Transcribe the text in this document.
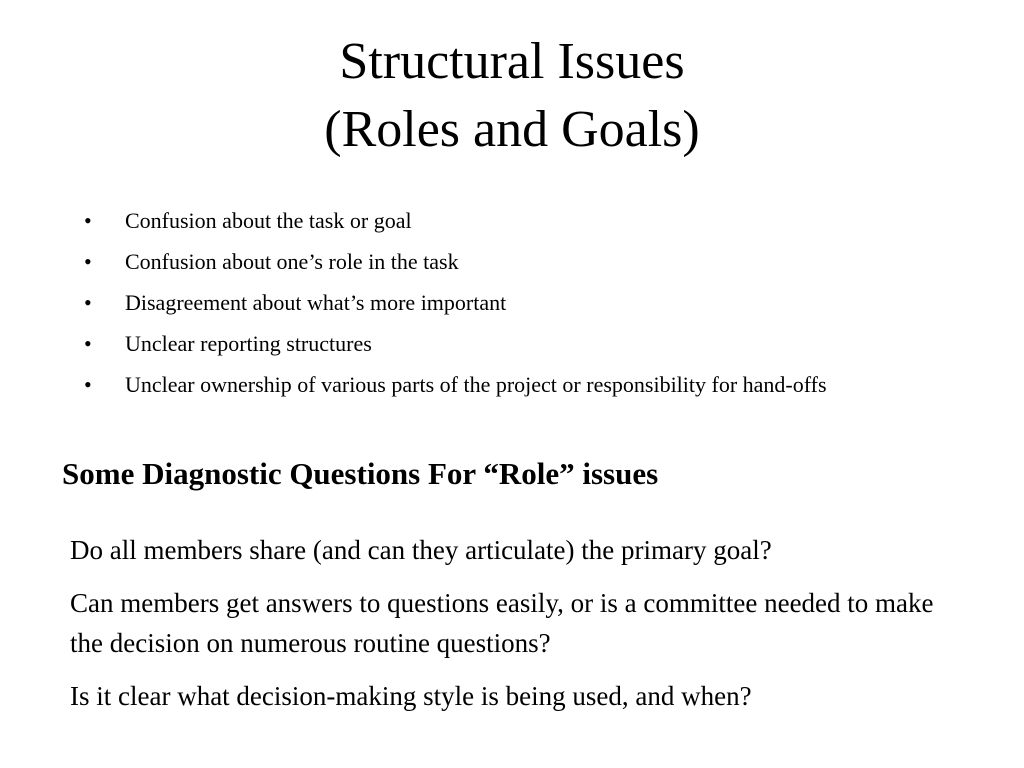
Structural Issues
(Roles and Goals)
• Confusion about the task or goal
• Confusion about one’s role in the task
• Disagreement about what’s more important
• Unclear reporting structures
• Unclear ownership of various parts of the project or responsibility for hand-offs
Some Diagnostic Questions For “Role” issues

Do all members share (and can they articulate) the primary goal?

Can members get answers to questions easily, or is a committee needed to make the decision on numerous routine questions?

Is it clear what decision-making style is being used, and when?
